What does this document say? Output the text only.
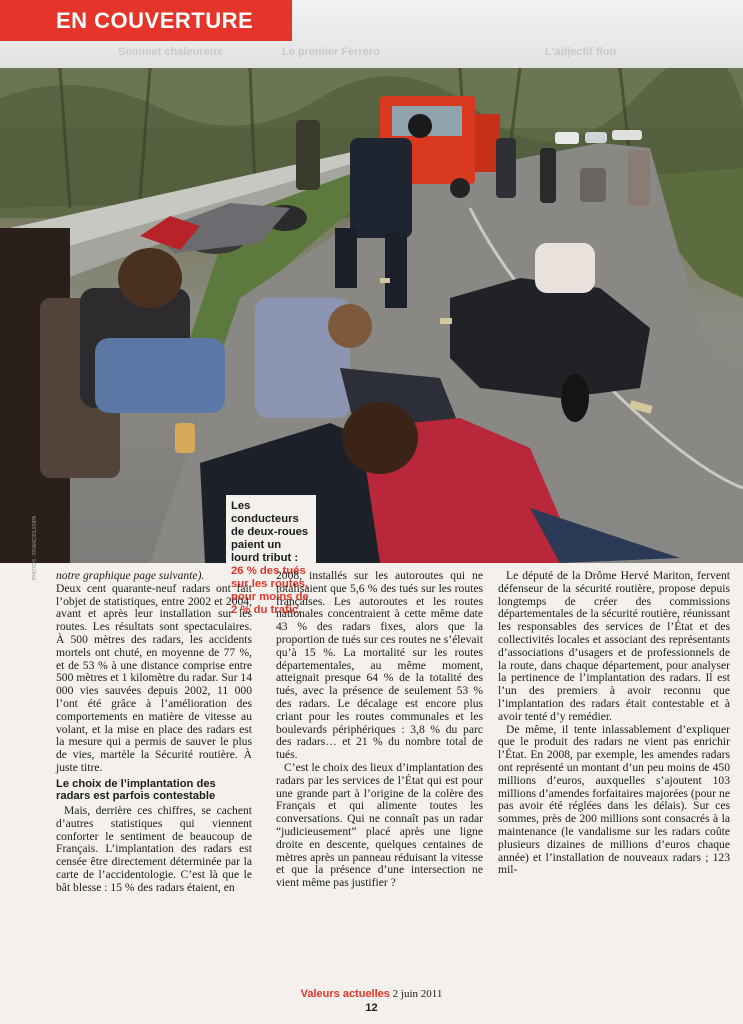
EN COUVERTURE
Sommet chaleureux	Le premier Ferrero	L'adjectif flou
Les conducteurs de deux-roues paient un lourd tribut : 26 % des tués sur les routes, pour moins de 2 % du trafic.
PHOTOS : FRANCIOLI/SIPA notre graphique page suivante).

Deux cent quarante-neuf radars ont fait l’objet de statistiques, entre 2002 et 2004, avant et après leur installation sur les routes. Les résultats sont spectaculaires. À 500 mètres des radars, les accidents mortels ont chuté, en moyenne de 77 %, et de 53 % à une distance comprise entre 500 mètres et 1 kilomètre du radar. Sur 14 000 vies sauvées depuis 2002, 11 000 l’ont été grâce à l’amélioration des comportements en matière de vitesse au volant, et la mise en place des radars est la mesure qui a permis de sauver le plus de vies, martèle la Sécurité routière. À juste titre.

Le choix de l’implantation des radars est parfois contestable

Mais, derrière ces chiffres, se cachent d’autres statistiques qui viennent conforter le sentiment de beaucoup de Français. L’implantation des radars est censée être directement déterminée par la carte de l’accidentologie. C’est là que le bât blesse : 15 % des radars étaient, en

2008, installés sur les autoroutes qui ne totalisaient que 5,6 % des tués sur les routes françaises. Les autoroutes et les routes nationales concentraient à cette même date 43 % des radars fixes, alors que la proportion de tués sur ces routes ne s’élevait qu’à 15 %. La mortalité sur les routes départementales, au même moment, atteignait presque 64 % de la totalité des tués, avec la présence de seulement 53 % des radars. Le décalage est encore plus criant pour les routes communales et les boulevards périphériques : 3,8 % du parc des radars… et 21 % du nombre total de tués.

C’est le choix des lieux d’implantation des radars par les services de l’État qui est pour une grande part à l’origine de la colère des Français et qui alimente toutes les conversations. Qui ne connaît pas un radar “judicieusement” placé après une ligne droite en descente, quelques centaines de mètres après un panneau réduisant la vitesse et que la présence d’une intersection ne vient même pas justifier ?

Le député de la Drôme Hervé Mariton, fervent défenseur de la sécurité routière, propose depuis longtemps de créer des commissions départementales de la sécurité routière, réunissant les responsables des services de l’État et des collectivités locales et associant des représentants d’associations d’usagers et de professionnels de la route, dans chaque département, pour analyser la pertinence de l’implantation des radars. Il est l’un des premiers à avoir reconnu que l’implantation des radars était contestable et à avoir tenté d’y remédier.

De même, il tente inlassablement d’expliquer que le produit des radars ne vient pas enrichir l’État. En 2008, par exemple, les amendes radars ont représenté un montant d’un peu moins de 450 millions d’euros, auxquelles s’ajoutent 103 millions d’amendes forfaitaires majorées (pour ne pas avoir été réglées dans les délais). Sur ces sommes, près de 200 millions sont consacrés à la maintenance (le vandalisme sur les radars coûte plusieurs dizaines de millions d’euros chaque année) et l’installation de nouveaux radars ; 123 mil-

Valeurs actuelles 2 juin 2011
12
